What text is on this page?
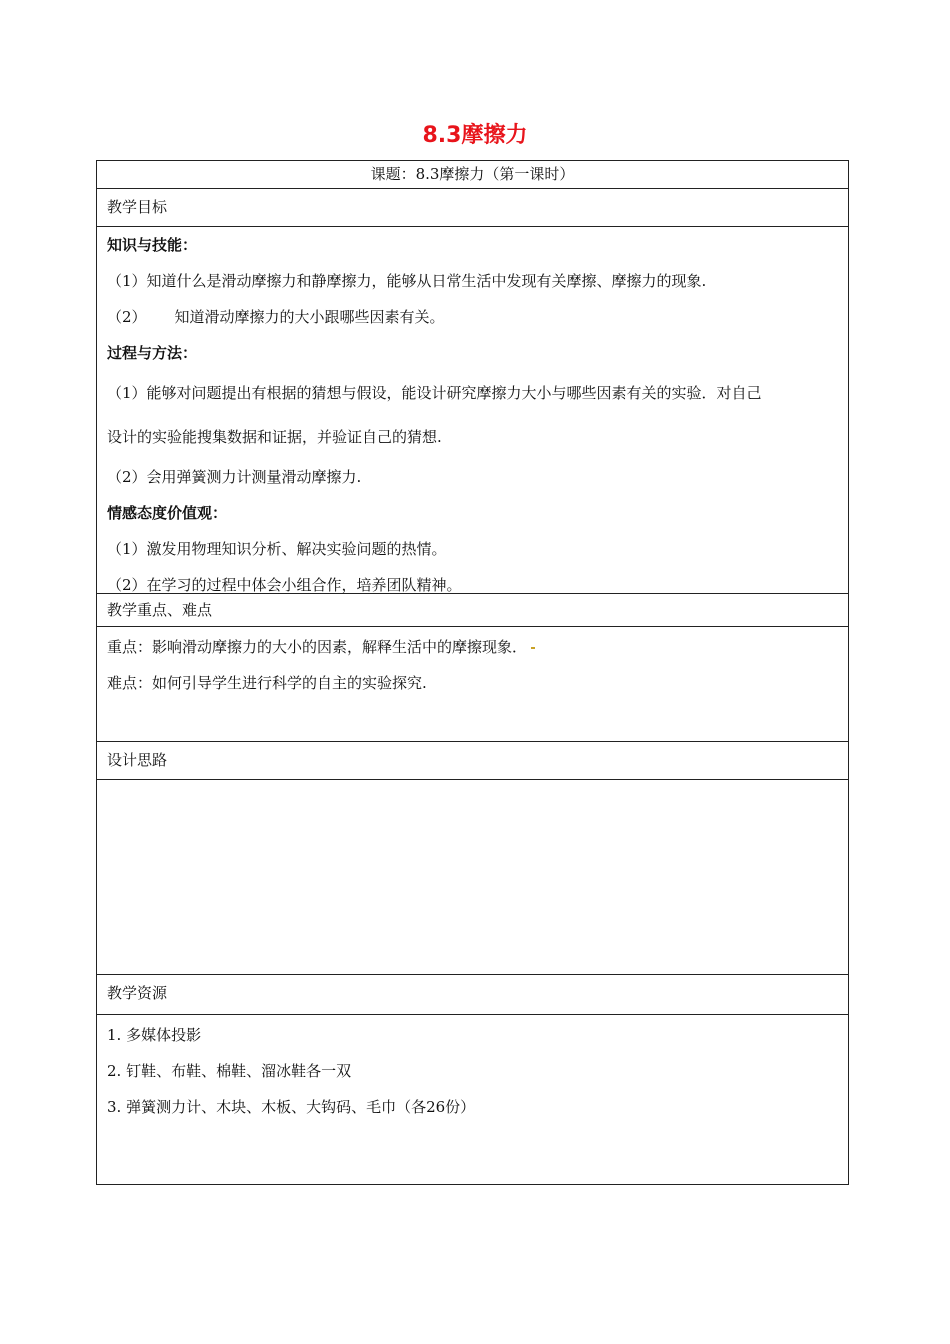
8.3摩擦力
课题：8.3摩擦力（第一课时）
教学目标
知识与技能：
（1）知道什么是滑动摩擦力和静摩擦力，能够从日常生活中发现有关摩擦、摩擦力的现象.
（2） 知道滑动摩擦力的大小跟哪些因素有关。
过程与方法：
（1）能够对问题提出有根据的猜想与假设，能设计研究摩擦力大小与哪些因素有关的实验．对自己
设计的实验能搜集数据和证据，并验证自己的猜想.
（2）会用弹簧测力计测量滑动摩擦力.
情感态度价值观：
（1）激发用物理知识分析、解决实验问题的热情。
（2）在学习的过程中体会小组合作，培养团队精神。
教学重点、难点
重点：影响滑动摩擦力的大小的因素，解释生活中的摩擦现象．
难点：如何引导学生进行科学的自主的实验探究.
设计思路
教学资源
1. 多媒体投影
2. 钉鞋、布鞋、棉鞋、溜冰鞋各一双
3. 弹簧测力计、木块、木板、大钩码、毛巾（各26份）
